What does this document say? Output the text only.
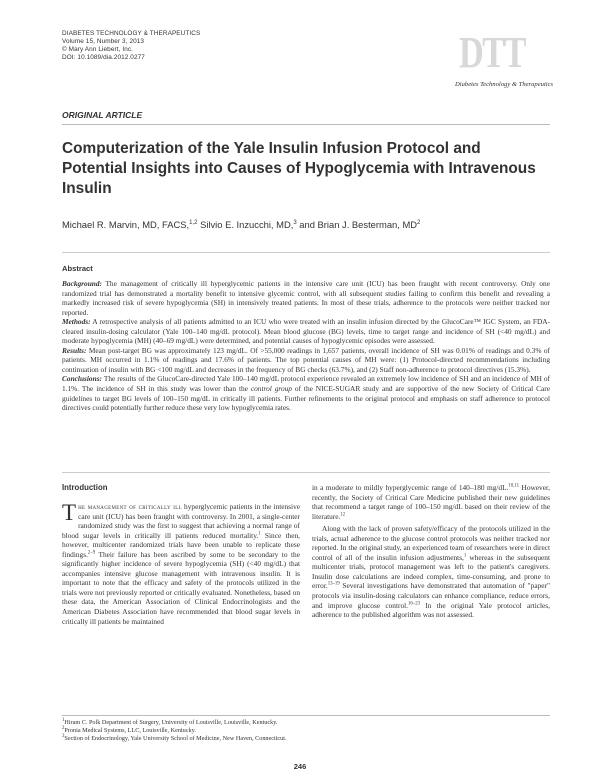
DIABETES TECHNOLOGY & THERAPEUTICS
Volume 15, Number 3, 2013
© Mary Ann Liebert, Inc.
DOI: 10.1089/dia.2012.0277	DTT
Diabetes Technology & Therapeutics
ORIGINAL ARTICLE
Computerization of the Yale Insulin Infusion Protocol and Potential Insights into Causes of Hypoglycemia with Intravenous Insulin
Michael R. Marvin, MD, FACS,$^{1,2}$ Silvio E. Inzucchi, MD,$^3$ and Brian J. Besterman, $MD^2$
Abstract

Background: The management of critically ill hyperglycemic patients in the intensive care unit (ICU) has been fraught with recent controversy. Only one randomized trial has demonstrated a mortality benefit to intensive glycemic control, with all subsequent studies failing to confirm this benefit and revealing a markedly increased risk of severe hypoglycemia (SH) in intensively treated patients. In most of these trials, adherence to the protocols were neither tracked nor reported.

Methods: A retrospective analysis of all patients admitted to an ICU who were treated with an insulin infusion directed by the GlucoCare™ IGC System, an FDA-cleared insulin-dosing calculator (Yale 100–140 mg/dL protocol). Mean blood glucose (BG) levels, time to target range and incidence of SH (<40 mg/dL) and moderate hypoglycemia (MH) (40–69 mg/dL) were determined, and potential causes of hypoglycemic episodes were assessed.

Results: Mean post-target BG was approximately 123 mg/dL. Of >55,000 readings in 1,657 patients, overall incidence of SH was 0.01% of readings and 0.3% of patients. MH occurred in 1.1% of readings and 17.6% of patients. The top potential causes of MH were: (1) Protocol-directed recommendations including continuation of insulin with BG <100 mg/dL and decreases in the frequency of BG checks (63.7%), and (2) Staff non-adherence to protocol directives (15.3%).

Conclusions: The results of the GlucoCare-directed Yale 100–140 mg/dL protocol experience revealed an extremely low incidence of SH and an incidence of MH of 1.1%. The incidence of SH in this study was lower than the control group of the NICE-SUGAR study and are supportive of the new Society of Critical Care guidelines to target BG levels of 100–150 mg/dL in critically ill patients. Further refinements to the original protocol and emphasis on staff adherence to protocol directives could potentially further reduce these very low hypoglycemia rates.

Introduction

The management of critically ill hyperglycemic patients in the intensive care unit (ICU) has been fraught with controversy. In 2001, a single-center randomized study was the first to suggest that achieving a normal range of blood sugar levels in critically ill patients reduced mortality.$^1$ Since then, however, multicenter randomized trials have been unable to replicate these findings.$^{2-9}$ Their failure has been ascribed by some to be secondary to the significantly higher incidence of severe hypoglycemia (SH) (<40 mg/dL) that accompanies intensive glucose management with intravenous insulin. It is important to note that the efficacy and safety of the protocols utilized in the trials were not previously reported or critically evaluated. Nonetheless, based on these data, the American Association of Clinical Endocrinologists and the American Diabetes Association have recommended that blood sugar levels in critically ill patients be maintained

in a moderate to mildly hyperglycemic range of 140–180 mg/dL.$^{10,11}$ However, recently, the Society of Critical Care Medicine published their new guidelines that recommend a target range of 100–150 mg/dL based on their review of the literature.$^{12}$

Along with the lack of proven safety/efficacy of the protocols utilized in the trials, actual adherence to the glucose control protocols was neither tracked nor reported. In the original study, an experienced team of researchers were in direct control of all of the insulin infusion adjustments,$^1$ whereas in the subsequent multicenter trials, protocol management was left to the patient's caregivers. Insulin dose calculations are indeed complex, time-consuming, and prone to error.$^{13-19}$ Several investigations have demonstrated that automation of "paper" protocols via insulin-dosing calculators can enhance compliance, reduce errors, and improve glucose control.$^{16-23}$ In the original Yale protocol articles, adherence to the published algorithm was not assessed.

$^1$Hiram C. Polk Department of Surgery, University of Louisville, Louisville, Kentucky.
$^2$Pronia Medical Systems, LLC, Louisville, Kentucky.
$^3$Section of Endocrinology, Yale University School of Medicine, New Haven, Connecticut.
246
